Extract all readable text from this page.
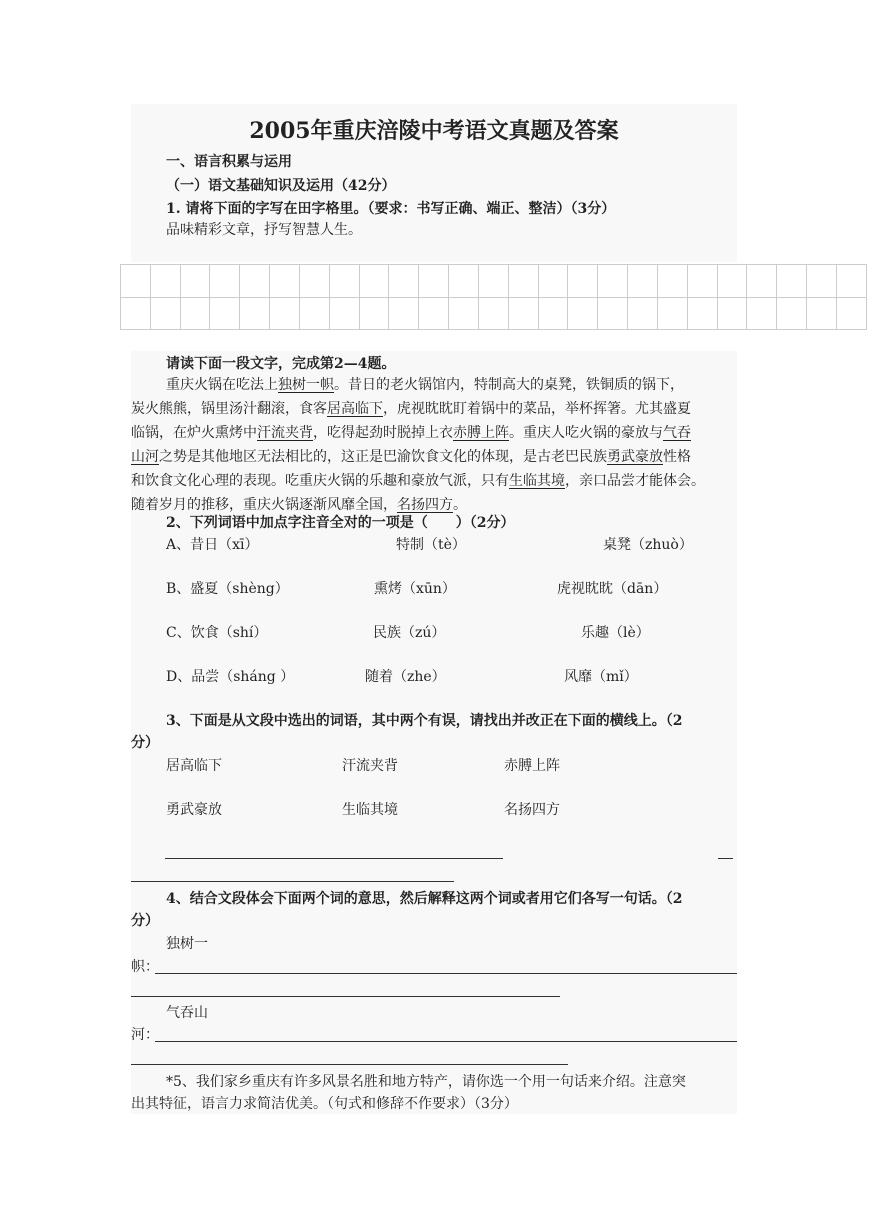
2005年重庆涪陵中考语文真题及答案
一、语言积累与运用
（一）语文基础知识及运用（42分）
1. 请将下面的字写在田字格里。（要求：书写正确、端正、整洁）（3分）
品味精彩文章，抒写智慧人生。

请读下面一段文字，完成第2—4题。
重庆火锅在吃法上独树一帜。昔日的老火锅馆内，特制高大的桌凳，铁铜质的锅下，
炭火熊熊，锅里汤汁翻滚，食客居高临下，虎视眈眈盯着锅中的菜品，举杯挥箸。尤其盛夏
临锅，在炉火熏烤中汗流夹背，吃得起劲时脱掉上衣赤膊上阵。重庆人吃火锅的豪放与气吞
山河之势是其他地区无法相比的，这正是巴渝饮食文化的体现，是古老巴民族勇武豪放性格
和饮食文化心理的表现。吃重庆火锅的乐趣和豪放气派，只有生临其境，亲口品尝才能体会。
随着岁月的推移，重庆火锅逐渐风靡全国，名扬四方。
2、下列词语中加点字注音全对的一项是（　　）（2分）
A、昔日（xī）	特制（tè）	桌凳（zhuò）
B、盛夏（shèng）	熏烤（xūn）	虎视眈眈（dān）
C、饮食（shí）	民族（zú）	乐趣（lè）
D、品尝（sháng ）	随着（zhe）	风靡（mǐ）
3、下面是从文段中选出的词语，其中两个有误，请找出并改正在下面的横线上。（2
分）
居高临下	汗流夹背	赤膊上阵
勇武豪放	生临其境	名扬四方
4、结合文段体会下面两个词的意思，然后解释这两个词或者用它们各写一句话。（2
分）
独树一
帜：
气吞山
河：
*5、我们家乡重庆有许多风景名胜和地方特产，请你选一个用一句话来介绍。注意突
出其特征，语言力求简洁优美。（句式和修辞不作要求）（3分）
